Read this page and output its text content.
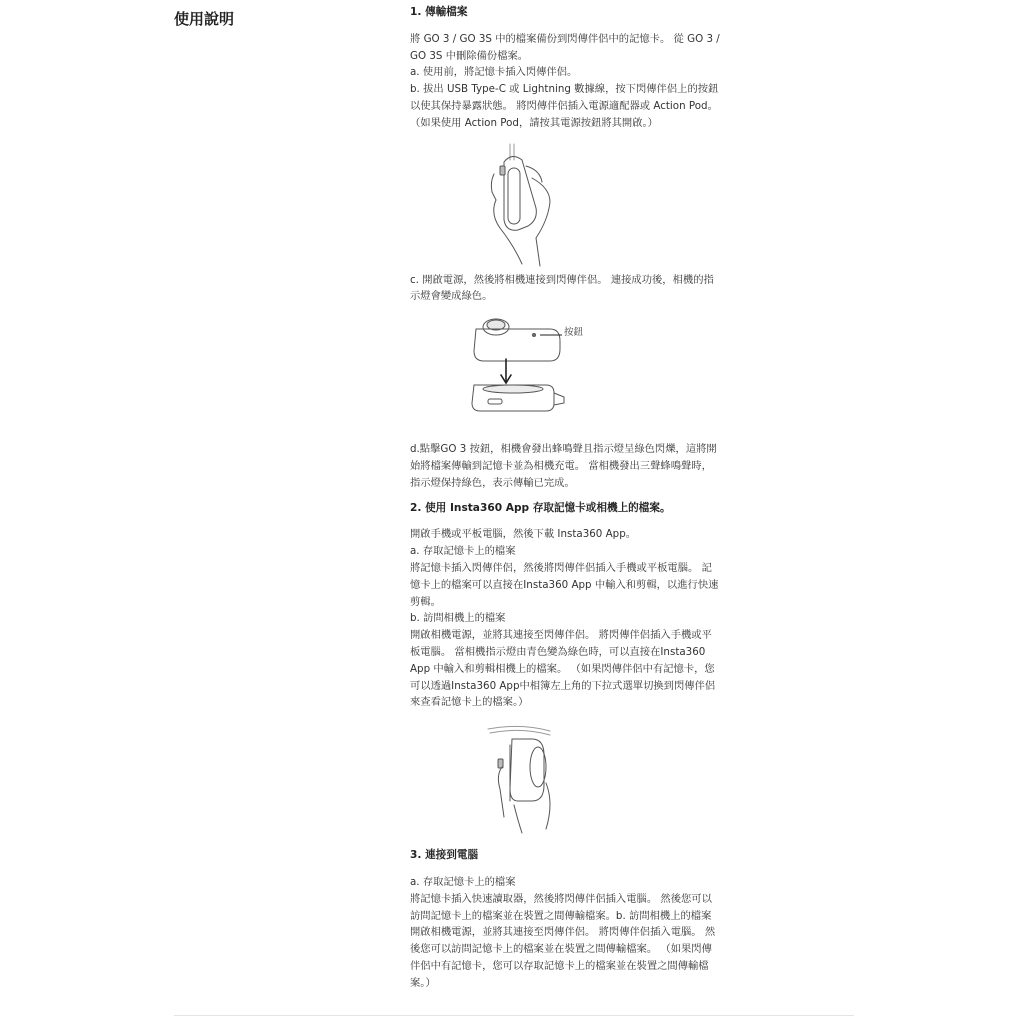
使用說明	1. 傳輸檔案

將 GO 3 / GO 3S 中的檔案備份到閃傳伴侶中的記憶卡。 從 GO 3 / GO 3S 中刪除備份檔案。

a. 使用前，將記憶卡插入閃傳伴侶。

b. 拔出 USB Type-C 或 Lightning 數據線，按下閃傳伴侶上的按鈕以使其保持暴露狀態。 將閃傳伴侶插入電源適配器或 Action Pod。 （如果使用 Action Pod，請按其電源按鈕將其開啟。）

c. 開啟電源，然後將相機連接到閃傳伴侶。 連接成功後，相機的指示燈會變成綠色。

按鈕

d.點擊GO 3 按鈕，相機會發出蜂鳴聲且指示燈呈綠色閃爍，這將開始將檔案傳輸到記憶卡並為相機充電。 當相機發出三聲蜂鳴聲時，指示燈保持綠色，表示傳輸已完成。

2. 使用 Insta360 App 存取記憶卡或相機上的檔案。

開啟手機或平板電腦，然後下載 Insta360 App。

a. 存取記憶卡上的檔案

將記憶卡插入閃傳伴侶，然後將閃傳伴侶插入手機或平板電腦。 記憶卡上的檔案可以直接在Insta360 App 中輸入和剪輯，以進行快速剪輯。

b. 訪問相機上的檔案

開啟相機電源，並將其連接至閃傳伴侶。 將閃傳伴侶插入手機或平板電腦。 當相機指示燈由青色變為綠色時，可以直接在Insta360 App 中輸入和剪輯相機上的檔案。 （如果閃傳伴侶中有記憶卡，您可以透過Insta360 App中相簿左上角的下拉式選單切換到閃傳伴侶來查看記憶卡上的檔案。）

3. 連接到電腦

a. 存取記憶卡上的檔案

將記憶卡插入快速讀取器，然後將閃傳伴侶插入電腦。 然後您可以訪問記憶卡上的檔案並在裝置之間傳輸檔案。b. 訪問相機上的檔案

開啟相機電源，並將其連接至閃傳伴侶。 將閃傳伴侶插入電腦。 然後您可以訪問記憶卡上的檔案並在裝置之間傳輸檔案。 （如果閃傳伴侶中有記憶卡，您可以存取記憶卡上的檔案並在裝置之間傳輸檔案。）
